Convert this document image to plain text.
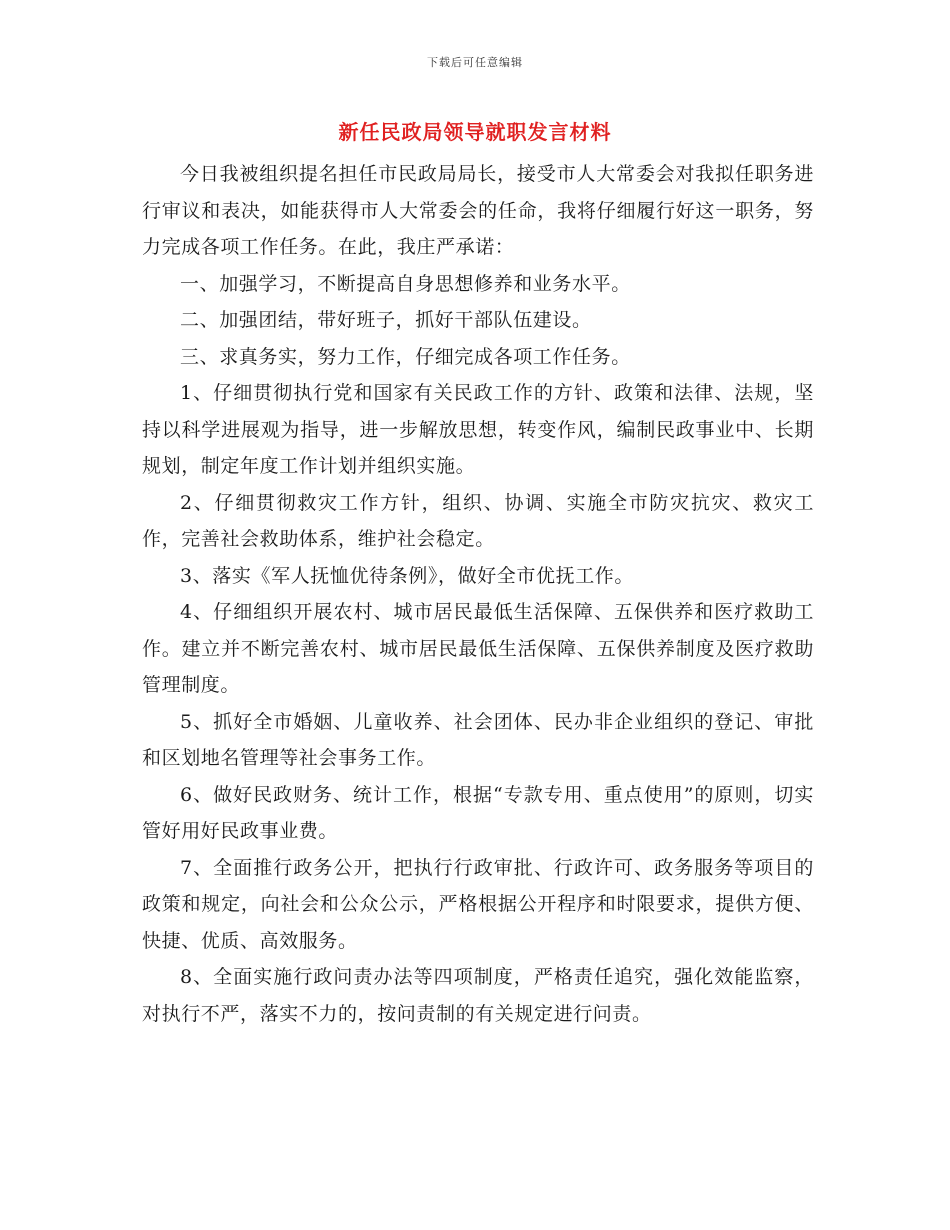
下载后可任意编辑
新任民政局领导就职发言材料

今日我被组织提名担任市民政局局长，接受市人大常委会对我拟任职务进行审议和表决，如能获得市人大常委会的任命，我将仔细履行好这一职务，努力完成各项工作任务。在此，我庄严承诺：

一、加强学习，不断提高自身思想修养和业务水平。

二、加强团结，带好班子，抓好干部队伍建设。

三、求真务实，努力工作，仔细完成各项工作任务。

1、仔细贯彻执行党和国家有关民政工作的方针、政策和法律、法规，坚持以科学进展观为指导，进一步解放思想，转变作风，编制民政事业中、长期规划，制定年度工作计划并组织实施。

2、仔细贯彻救灾工作方针，组织、协调、实施全市防灾抗灾、救灾工作，完善社会救助体系，维护社会稳定。

3、落实《军人抚恤优待条例》，做好全市优抚工作。

4、仔细组织开展农村、城市居民最低生活保障、五保供养和医疗救助工作。建立并不断完善农村、城市居民最低生活保障、五保供养制度及医疗救助管理制度。

5、抓好全市婚姻、儿童收养、社会团体、民办非企业组织的登记、审批和区划地名管理等社会事务工作。

6、做好民政财务、统计工作，根据“专款专用、重点使用”的原则，切实管好用好民政事业费。

7、全面推行政务公开，把执行行政审批、行政许可、政务服务等项目的政策和规定，向社会和公众公示，严格根据公开程序和时限要求，提供方便、快捷、优质、高效服务。

8、全面实施行政问责办法等四项制度，严格责任追究，强化效能监察，对执行不严，落实不力的，按问责制的有关规定进行问责。
